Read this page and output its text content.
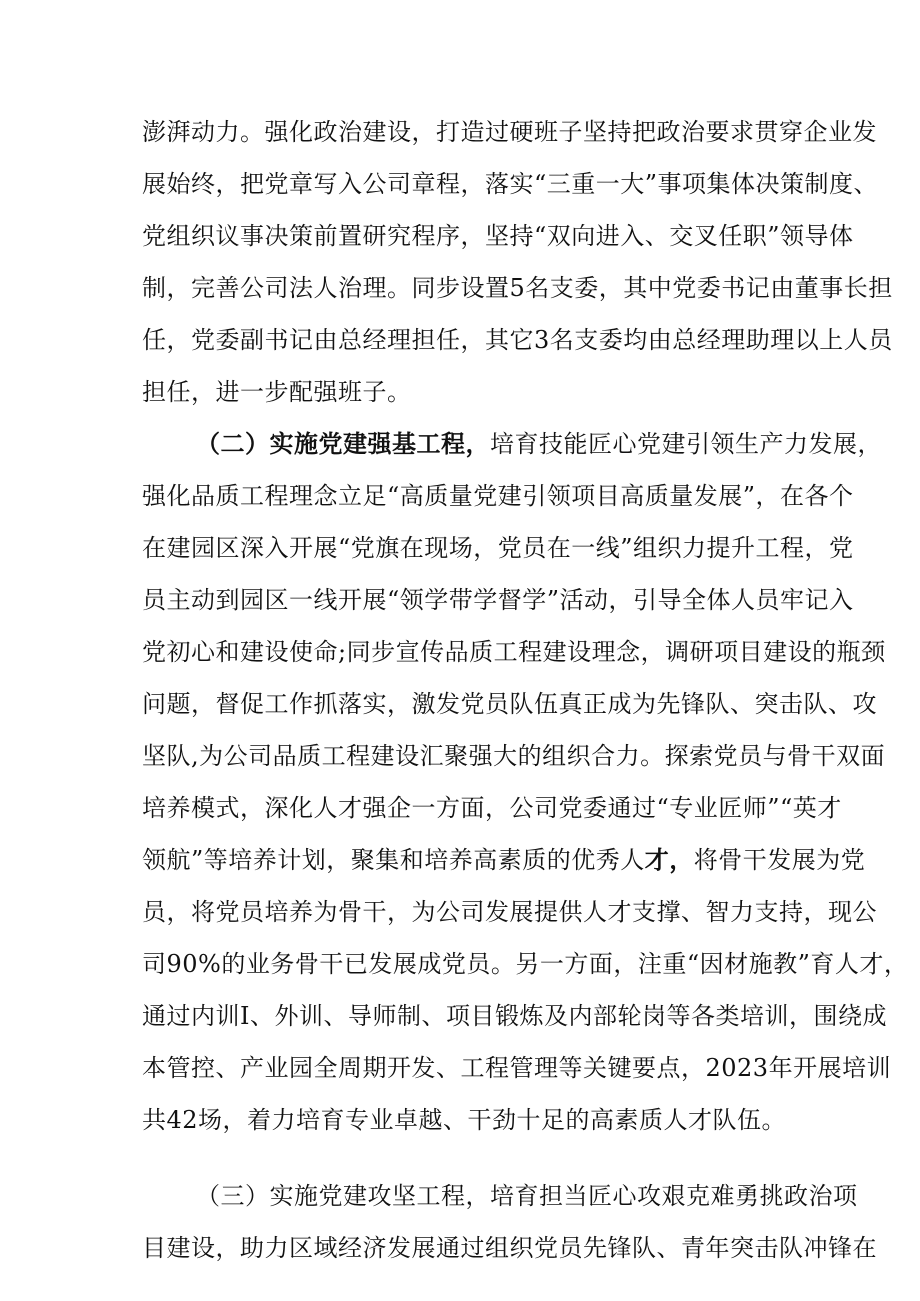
澎湃动力。强化政治建设，打造过硬班子坚持把政治要求贯穿企业发
展始终，把党章写入公司章程，落实“三重一大”事项集体决策制度、
党组织议事决策前置研究程序，坚持“双向进入、交叉任职”领导体
制，完善公司法人治理。同步设置5名支委，其中党委书记由董事长担
任，党委副书记由总经理担任，其它3名支委均由总经理助理以上人员
担任，进一步配强班子。
（二）实施党建强基工程，培育技能匠心党建引领生产力发展，
强化品质工程理念立足“高质量党建引领项目高质量发展”，在各个
在建园区深入开展“党旗在现场，党员在一线”组织力提升工程，党
员主动到园区一线开展“领学带学督学”活动，引导全体人员牢记入
党初心和建设使命;同步宣传品质工程建设理念，调研项目建设的瓶颈
问题，督促工作抓落实，激发党员队伍真正成为先锋队、突击队、攻
坚队,为公司品质工程建设汇聚强大的组织合力。探索党员与骨干双面
培养模式，深化人才强企一方面，公司党委通过“专业匠师”“英才
领航”等培养计划，聚集和培养高素质的优秀人才，将骨干发展为党
员，将党员培养为骨干，为公司发展提供人才支撑、智力支持，现公
司90%的业务骨干已发展成党员。另一方面，注重“因材施教”育人才，
通过内训I、外训、导师制、项目锻炼及内部轮岗等各类培训，围绕成
本管控、产业园全周期开发、工程管理等关键要点，2023年开展培训
共42场，着力培育专业卓越、干劲十足的高素质人才队伍。
（三）实施党建攻坚工程，培育担当匠心攻艰克难勇挑政治项
目建设，助力区域经济发展通过组织党员先锋队、青年突击队冲锋在
